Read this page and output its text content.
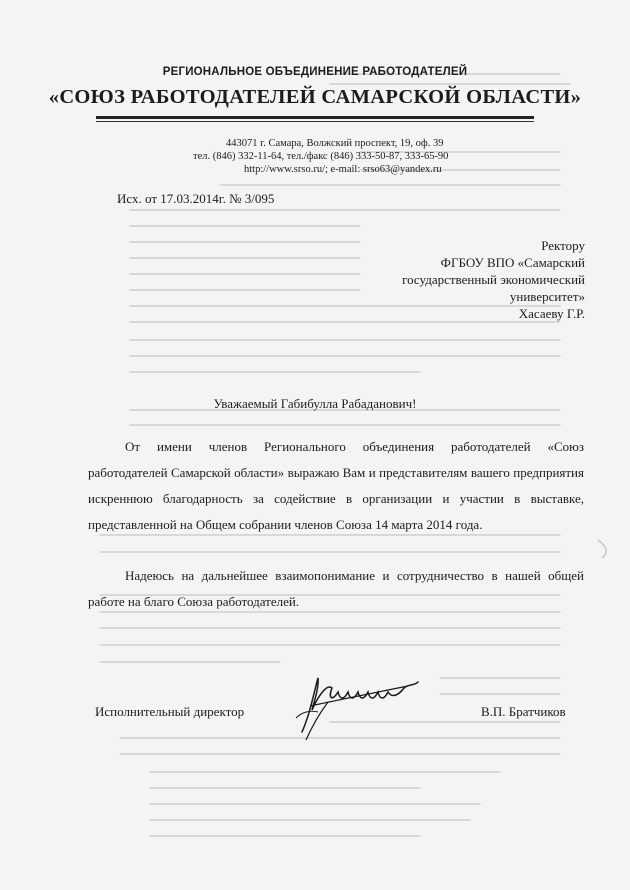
РЕГИОНАЛЬНОЕ ОБЪЕДИНЕНИЕ РАБОТОДАТЕЛЕЙ
«СОЮЗ РАБОТОДАТЕЛЕЙ САМАРСКОЙ ОБЛАСТИ»
443071 г. Самара, Волжский проспект, 19, оф. 39
тел. (846) 332-11-64, тел./факс (846) 333-50-87, 333-65-90
http://www.srso.ru/; e-mail: srso63@yandex.ru
Исх. от 17.03.2014г. № 3/095
Ректору
ФГБОУ ВПО «Самарский
государственный экономический
университет»
Хасаеву Г.Р.
Уважаемый Габибулла Рабаданович!
От имени членов Регионального объединения работодателей «Союз работодателей Самарской области» выражаю Вам и представителям вашего предприятия искреннюю благодарность за содействие в организации и участии в выставке, представленной на Общем собрании членов Союза 14 марта 2014 года.
Надеюсь на дальнейшее взаимопонимание и сотрудничество в нашей общей работе на благо Союза работодателей.
Исполнительный директор	В.П. Братчиков
